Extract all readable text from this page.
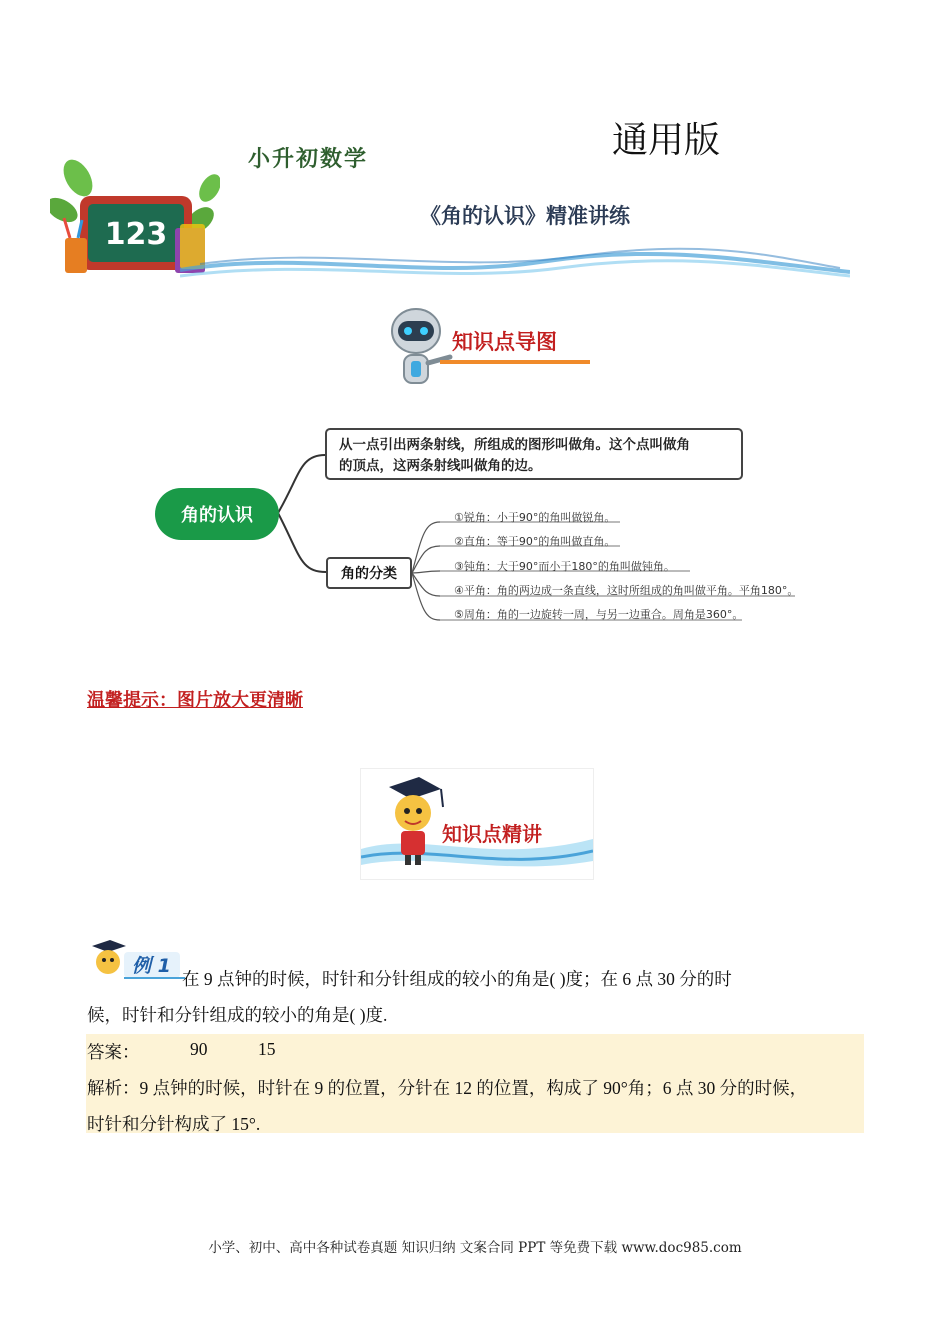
通用版
小升初数学
《角的认识》精准讲练
123
知识点导图
角的认识
从一点引出两条射线，所组成的图形叫做角。这个点叫做角
的顶点，这两条射线叫做角的边。
角的分类
①锐角：小于90°的角叫做锐角。
②直角：等于90°的角叫做直角。
③钝角：大于90°而小于180°的角叫做钝角。
④平角：角的两边成一条直线，这时所组成的角叫做平角。平角180°。
⑤周角：角的一边旋转一周，与另一边重合。周角是360°。
温馨提示：图片放大更清晰
知识点精讲
例 1
在 9 点钟的时候，时针和分针组成的较小的角是( )度；在 6 点 30 分的时
候，时针和分针组成的较小的角是( )度.
答案：	90	15
解析：9 点钟的时候，时针在 9 的位置，分针在 12 的位置，构成了 90°角；6 点 30 分的时候，
时针和分针构成了 15°.
小学、初中、高中各种试卷真题 知识归纳 文案合同 PPT 等免费下载 www.doc985.com
